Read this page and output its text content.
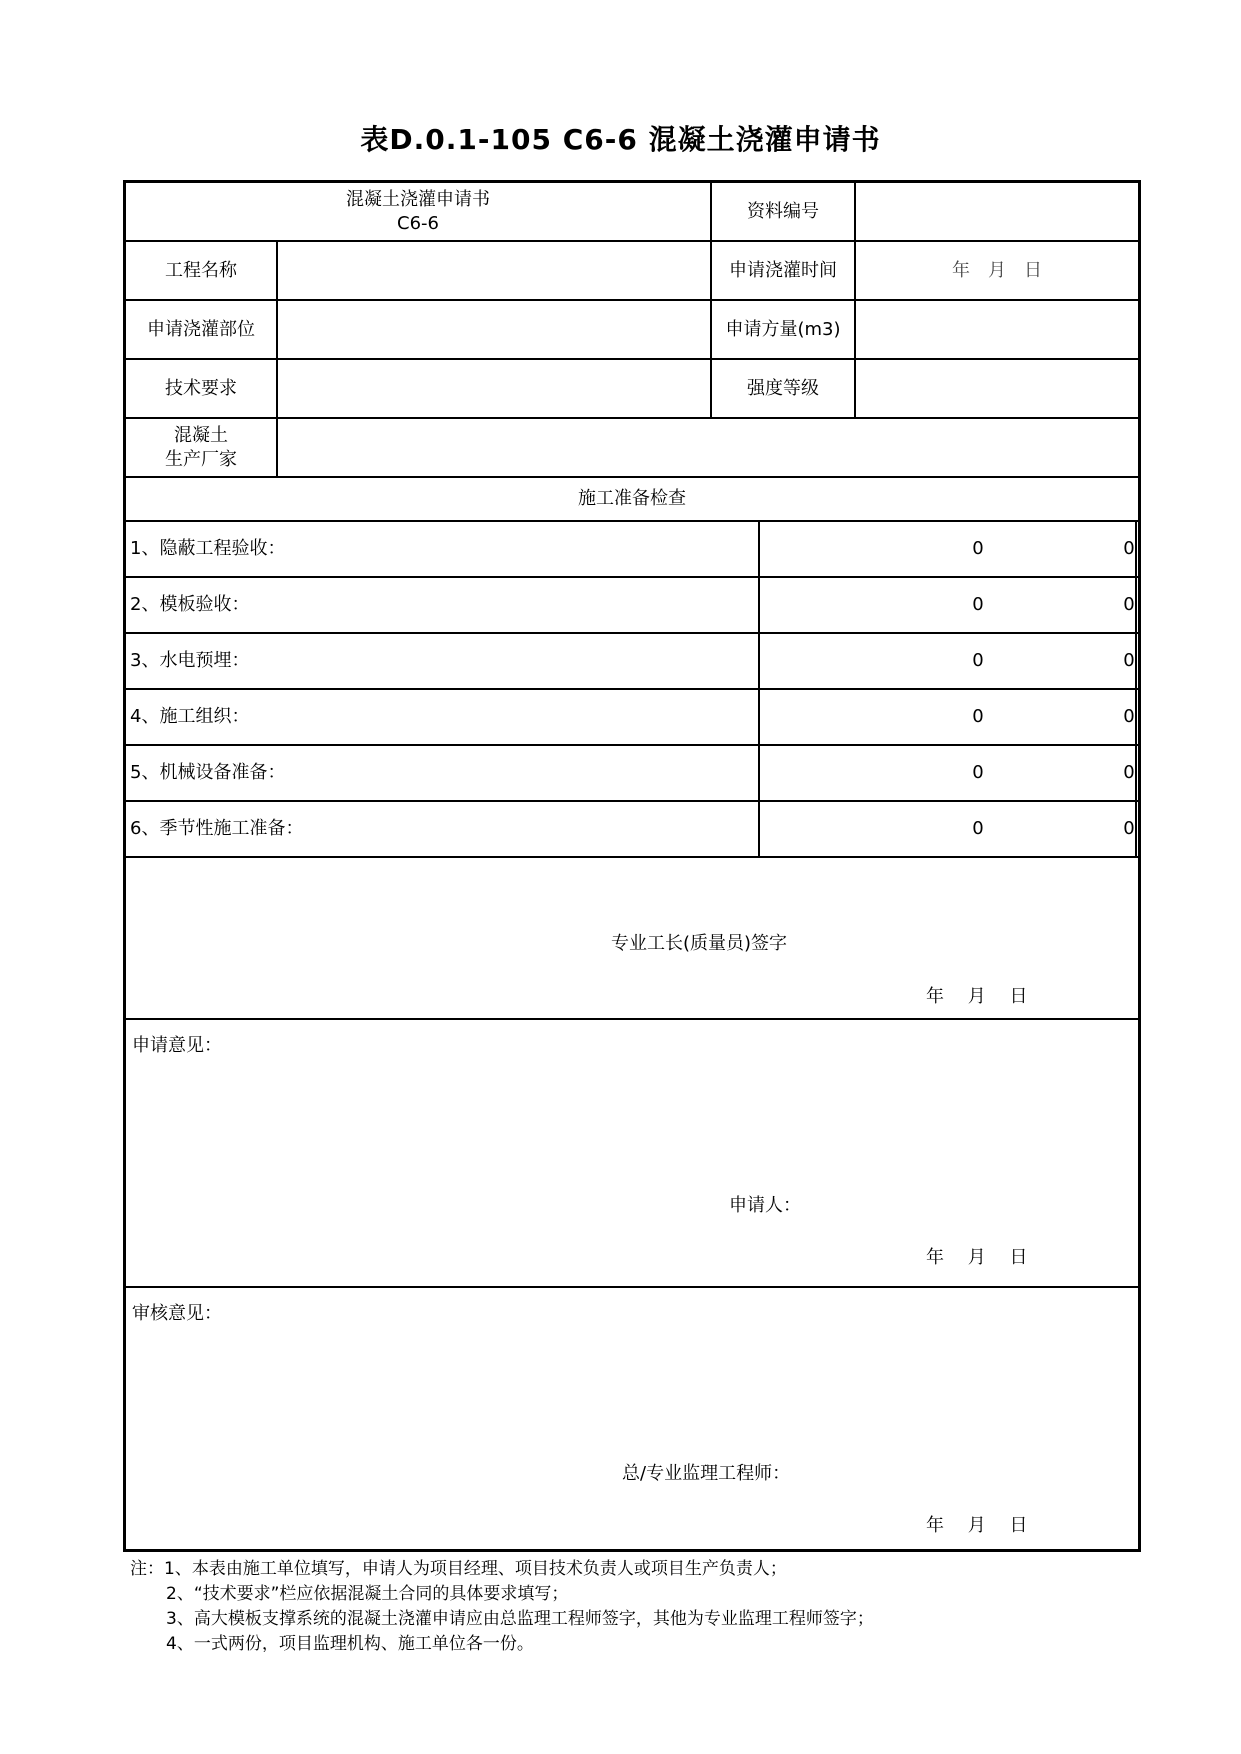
表D.0.1-105 C6-6 混凝土浇灌申请书
混凝土浇灌申请书
C6-6
资料编号
工程名称	申请浇灌时间	年　月　日
申请浇灌部位	申请方量(m3)
技术要求	强度等级
混凝土
生产厂家
施工准备检查
1、隐蔽工程验收：	0	0
2、模板验收：	0	0
3、水电预埋：	0	0
4、施工组织：	0	0
5、机械设备准备：	0	0
6、季节性施工准备：	0	0
专业工长(质量员)签字
年　 月　 日
申请意见：
申请人：
年　 月　 日
审核意见：
总/专业监理工程师：
年　 月　 日
注：1、本表由施工单位填写，申请人为项目经理、项目技术负责人或项目生产负责人；
2、“技术要求”栏应依据混凝土合同的具体要求填写；
3、高大模板支撑系统的混凝土浇灌申请应由总监理工程师签字，其他为专业监理工程师签字；
4、一式两份，项目监理机构、施工单位各一份。
